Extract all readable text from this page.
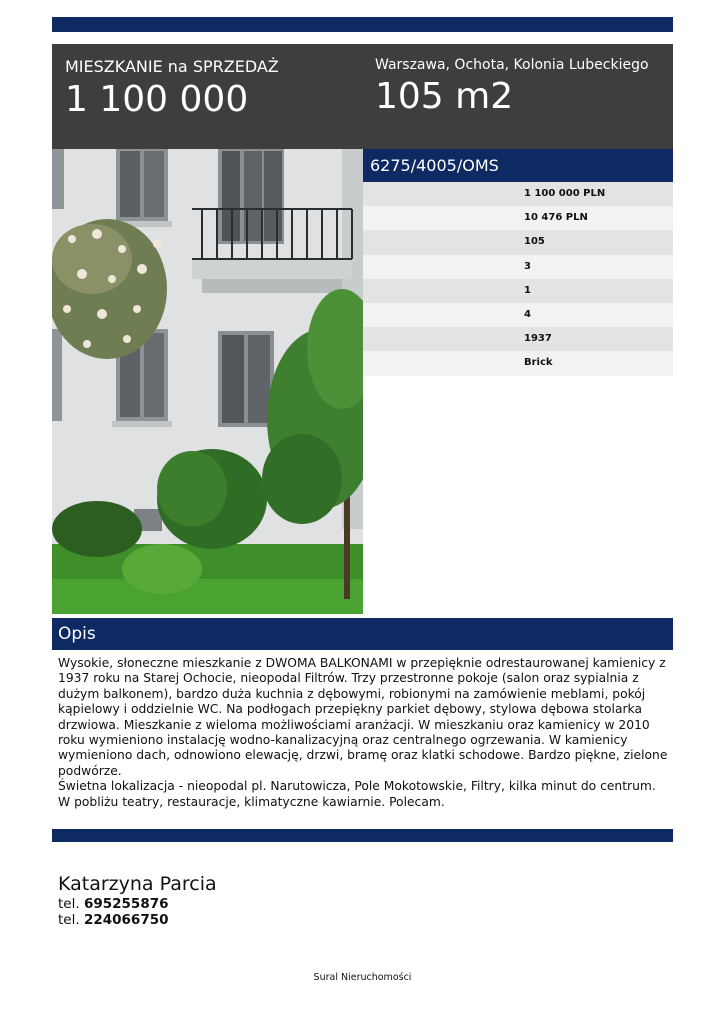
MIESZKANIE na SPRZEDAŻ
1 100 000
Warszawa, Ochota, Kolonia Lubeckiego
105 m2
6275/4005/OMS
1 100 000 PLN
10 476 PLN
105
3
1
4
1937
Brick
Opis

Wysokie, słoneczne mieszkanie z DWOMA BALKONAMI w przepięknie odrestaurowanej kamienicy z 1937 roku na Starej Ochocie, nieopodal Filtrów. Trzy przestronne pokoje (salon oraz sypialnia z dużym balkonem), bardzo duża kuchnia z dębowymi, robionymi na zamówienie meblami, pokój kąpielowy i oddzielnie WC. Na podłogach przepiękny parkiet dębowy, stylowa dębowa stolarka drzwiowa. Mieszkanie z wieloma możliwościami aranżacji. W mieszkaniu oraz kamienicy w 2010 roku wymieniono instalację wodno-kanalizacyjną oraz centralnego ogrzewania. W kamienicy wymieniono dach, odnowiono elewację, drzwi, bramę oraz klatki schodowe. Bardzo piękne, zielone podwórze.

Świetna lokalizacja - nieopodal pl. Narutowicza, Pole Mokotowskie, Filtry, kilka minut do centrum. W pobliżu teatry, restauracje, klimatyczne kawiarnie. Polecam.

Katarzyna Parcia
tel. 695255876
tel. 224066750
Sural Nieruchomości
